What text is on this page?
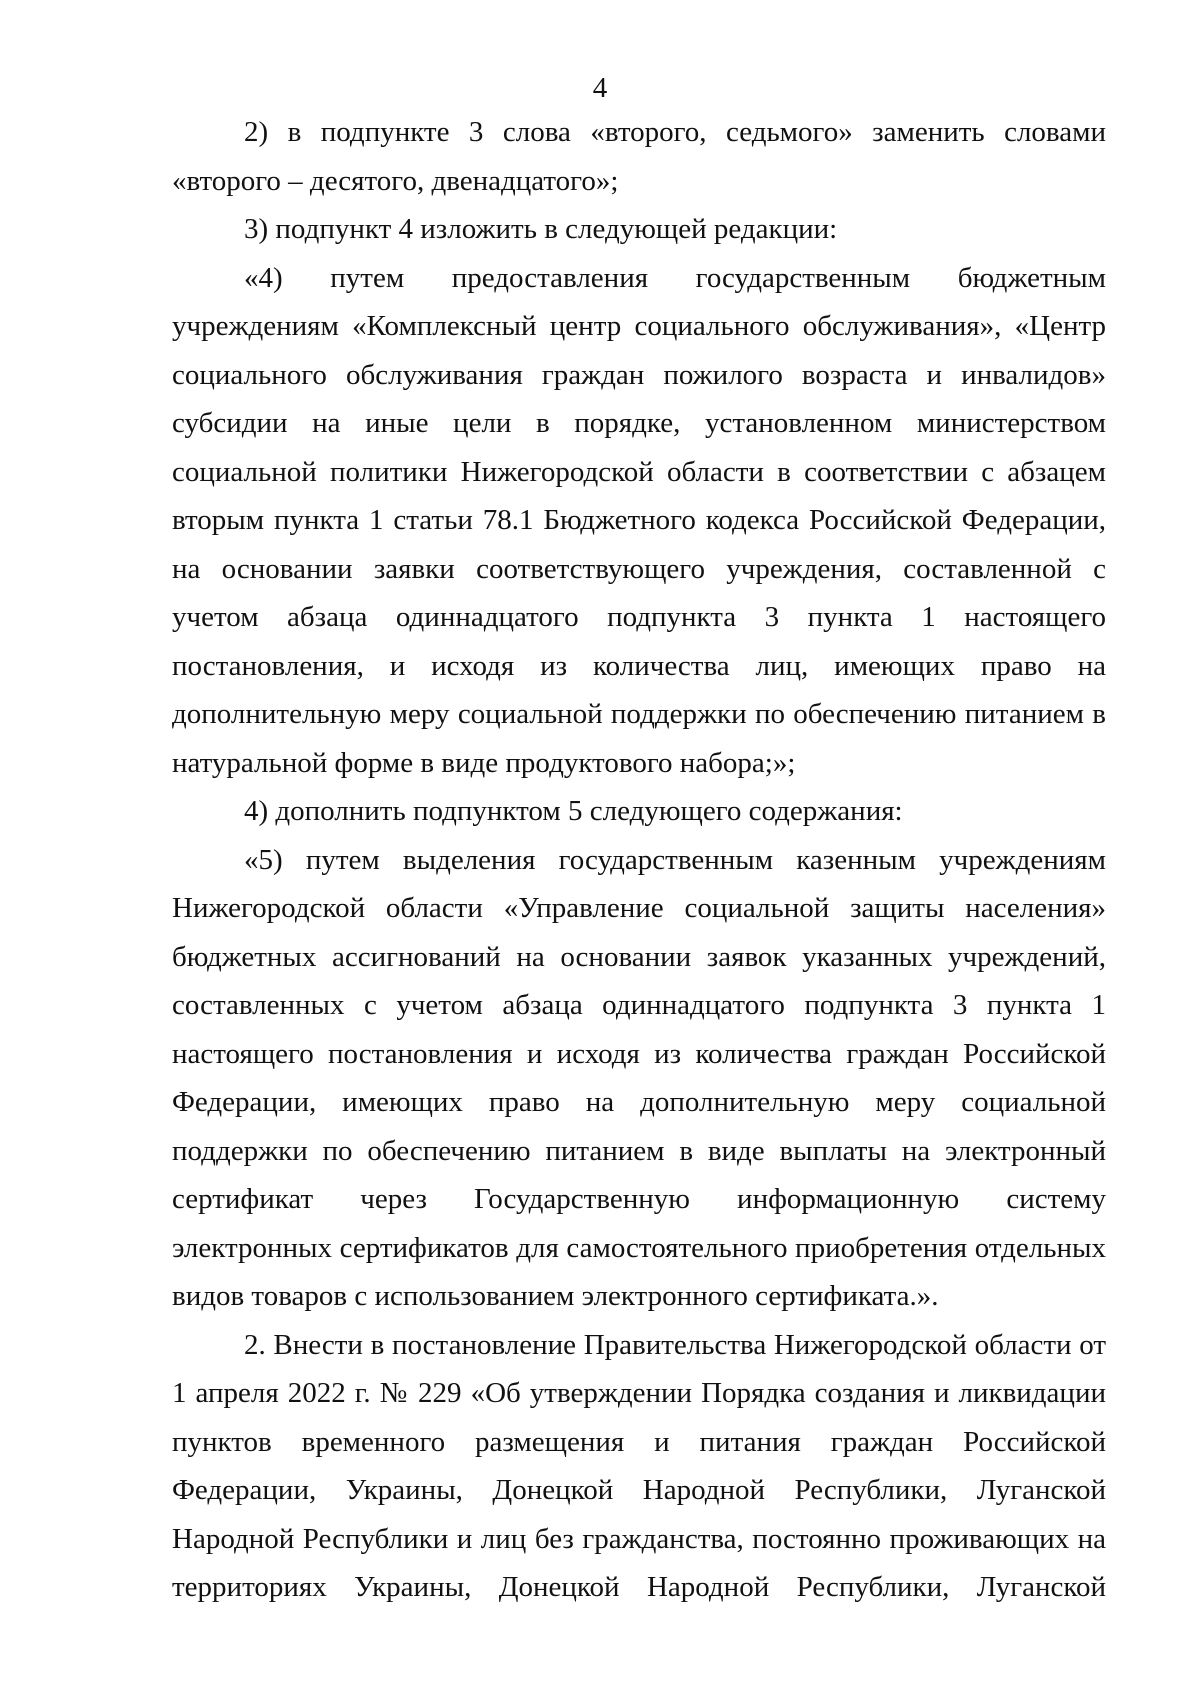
4

2) в подпункте 3 слова «второго, седьмого» заменить словами «второго – десятого, двенадцатого»;

3) подпункт 4 изложить в следующей редакции:

«4) путем предоставления государственным бюджетным учреждениям «Комплексный центр социального обслуживания», «Центр социального обслуживания граждан пожилого возраста и инвалидов» субсидии на иные цели в порядке, установленном министерством социальной политики Нижегородской области в соответствии с абзацем вторым пункта 1 статьи 78.1 Бюджетного кодекса Российской Федерации, на основании заявки соответствующего учреждения, составленной с учетом абзаца одиннадцатого подпункта 3 пункта 1 настоящего постановления, и исходя из количества лиц, имеющих право на дополнительную меру социальной поддержки по обеспечению питанием в натуральной форме в виде продуктового набора;»;

4) дополнить подпунктом 5 следующего содержания:

«5) путем выделения государственным казенным учреждениям Нижегородской области «Управление социальной защиты населения» бюджетных ассигнований на основании заявок указанных учреждений, составленных с учетом абзаца одиннадцатого подпункта 3 пункта 1 настоящего постановления и исходя из количества граждан Российской Федерации, имеющих право на дополнительную меру социальной поддержки по обеспечению питанием в виде выплаты на электронный сертификат через Государственную информационную систему электронных сертификатов для самостоятельного приобретения отдельных видов товаров с использованием электронного сертификата.».

2. Внести в постановление Правительства Нижегородской области от 1 апреля 2022 г. № 229 «Об утверждении Порядка создания и ликвидации пунктов временного размещения и питания граждан Российской Федерации, Украины, Донецкой Народной Республики, Луганской Народной Республики и лиц без гражданства, постоянно проживающих на территориях Украины, Донецкой Народной Республики, Луганской
